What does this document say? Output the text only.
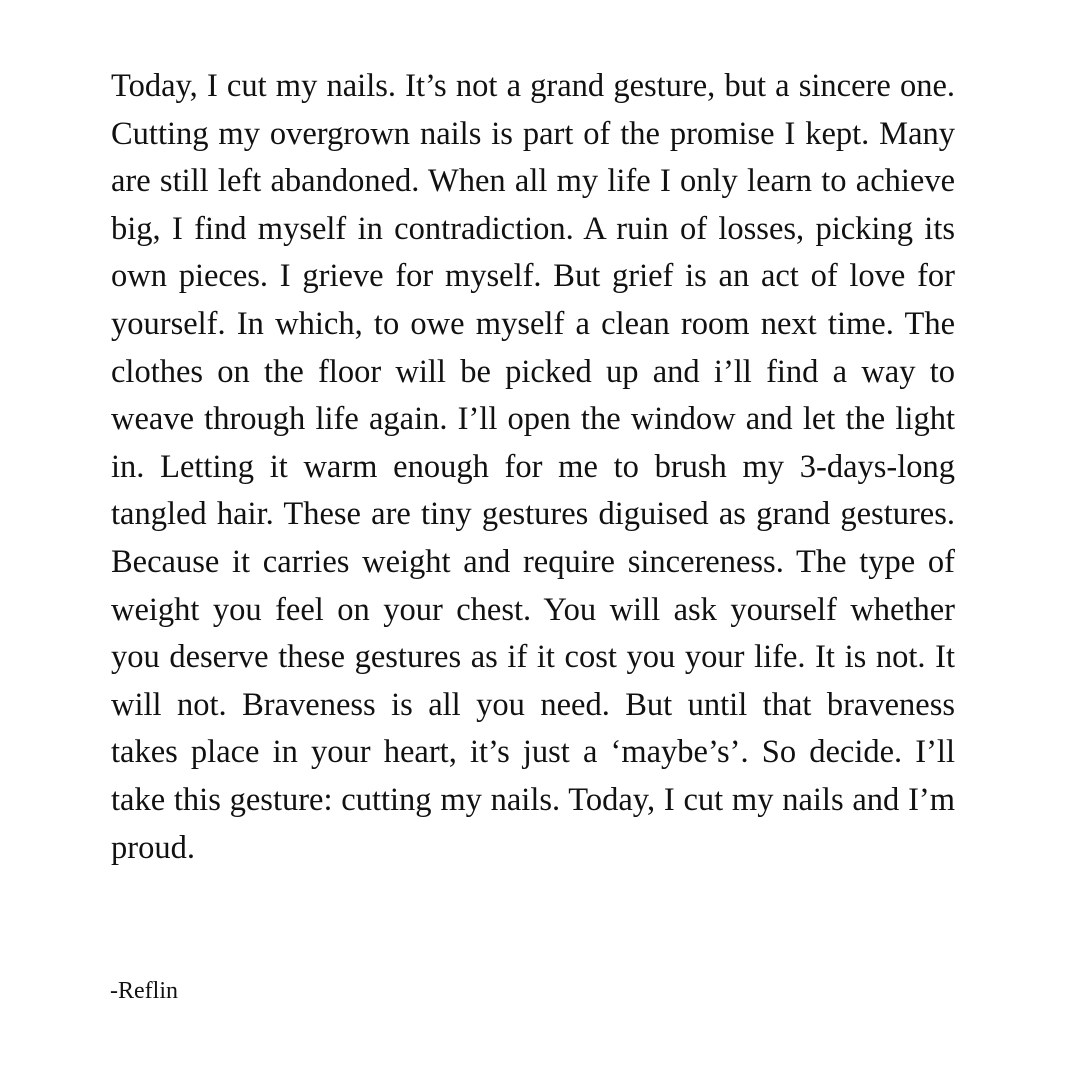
Today, I cut my nails. It’s not a grand gesture, but a sincere one. Cutting my overgrown nails is part of the promise I kept. Many are still left abandoned. When all my life I only learn to achieve big, I find myself in contradiction. A ruin of losses, picking its own pieces. I grieve for myself. But grief is an act of love for yourself. In which, to owe myself a clean room next time. The clothes on the floor will be picked up and i’ll find a way to weave through life again. I’ll open the window and let the light in. Letting it warm enough for me to brush my 3-days-long tangled hair. These are tiny gestures diguised as grand gestures. Because it carries weight and require sincereness. The type of weight you feel on your chest. You will ask yourself whether you deserve these gestures as if it cost you your life. It is not. It will not. Braveness is all you need. But until that braveness takes place in your heart, it’s just a ‘maybe’s’. So decide. I’ll take this gesture: cutting my nails. Today, I cut my nails and I’m proud.

-Reflin
